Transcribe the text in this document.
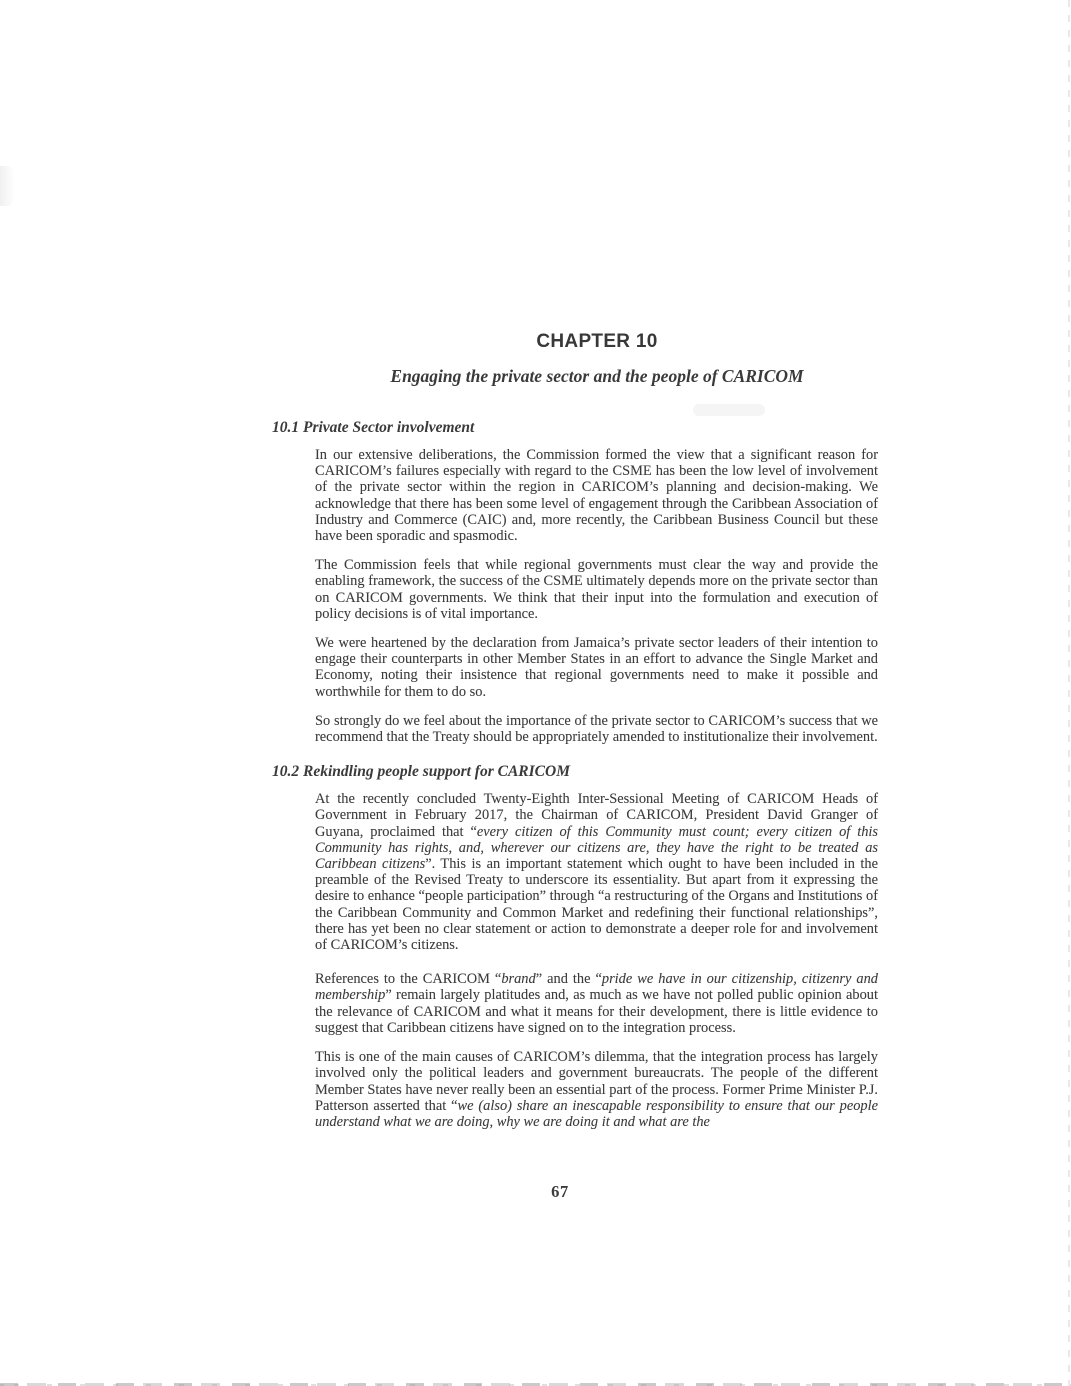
CHAPTER 10
Engaging the private sector and the people of CARICOM
10.1 Private Sector involvement

In our extensive deliberations, the Commission formed the view that a significant reason for CARICOM’s failures especially with regard to the CSME has been the low level of involvement of the private sector within the region in CARICOM’s planning and decision-making. We acknowledge that there has been some level of engagement through the Caribbean Association of Industry and Commerce (CAIC) and, more recently, the Caribbean Business Council but these have been sporadic and spasmodic.

The Commission feels that while regional governments must clear the way and provide the enabling framework, the success of the CSME ultimately depends more on the private sector than on CARICOM governments. We think that their input into the formulation and execution of policy decisions is of vital importance.

We were heartened by the declaration from Jamaica’s private sector leaders of their intention to engage their counterparts in other Member States in an effort to advance the Single Market and Economy, noting their insistence that regional governments need to make it possible and worthwhile for them to do so.

So strongly do we feel about the importance of the private sector to CARICOM’s success that we recommend that the Treaty should be appropriately amended to institutionalize their involvement.

10.2 Rekindling people support for CARICOM

At the recently concluded Twenty-Eighth Inter-Sessional Meeting of CARICOM Heads of Government in February 2017, the Chairman of CARICOM, President David Granger of Guyana, proclaimed that “every citizen of this Community must count; every citizen of this Community has rights, and, wherever our citizens are, they have the right to be treated as Caribbean citizens”. This is an important statement which ought to have been included in the preamble of the Revised Treaty to underscore its essentiality. But apart from it expressing the desire to enhance “people participation” through “a restructuring of the Organs and Institutions of the Caribbean Community and Common Market and redefining their functional relationships”, there has yet been no clear statement or action to demonstrate a deeper role for and involvement of CARICOM’s citizens.

References to the CARICOM “brand” and the “pride we have in our citizenship, citizenry and membership” remain largely platitudes and, as much as we have not polled public opinion about the relevance of CARICOM and what it means for their development, there is little evidence to suggest that Caribbean citizens have signed on to the integration process.

This is one of the main causes of CARICOM’s dilemma, that the integration process has largely involved only the political leaders and government bureaucrats. The people of the different Member States have never really been an essential part of the process. Former Prime Minister P.J. Patterson asserted that “we (also) share an inescapable responsibility to ensure that our people understand what we are doing, why we are doing it and what are the

67
